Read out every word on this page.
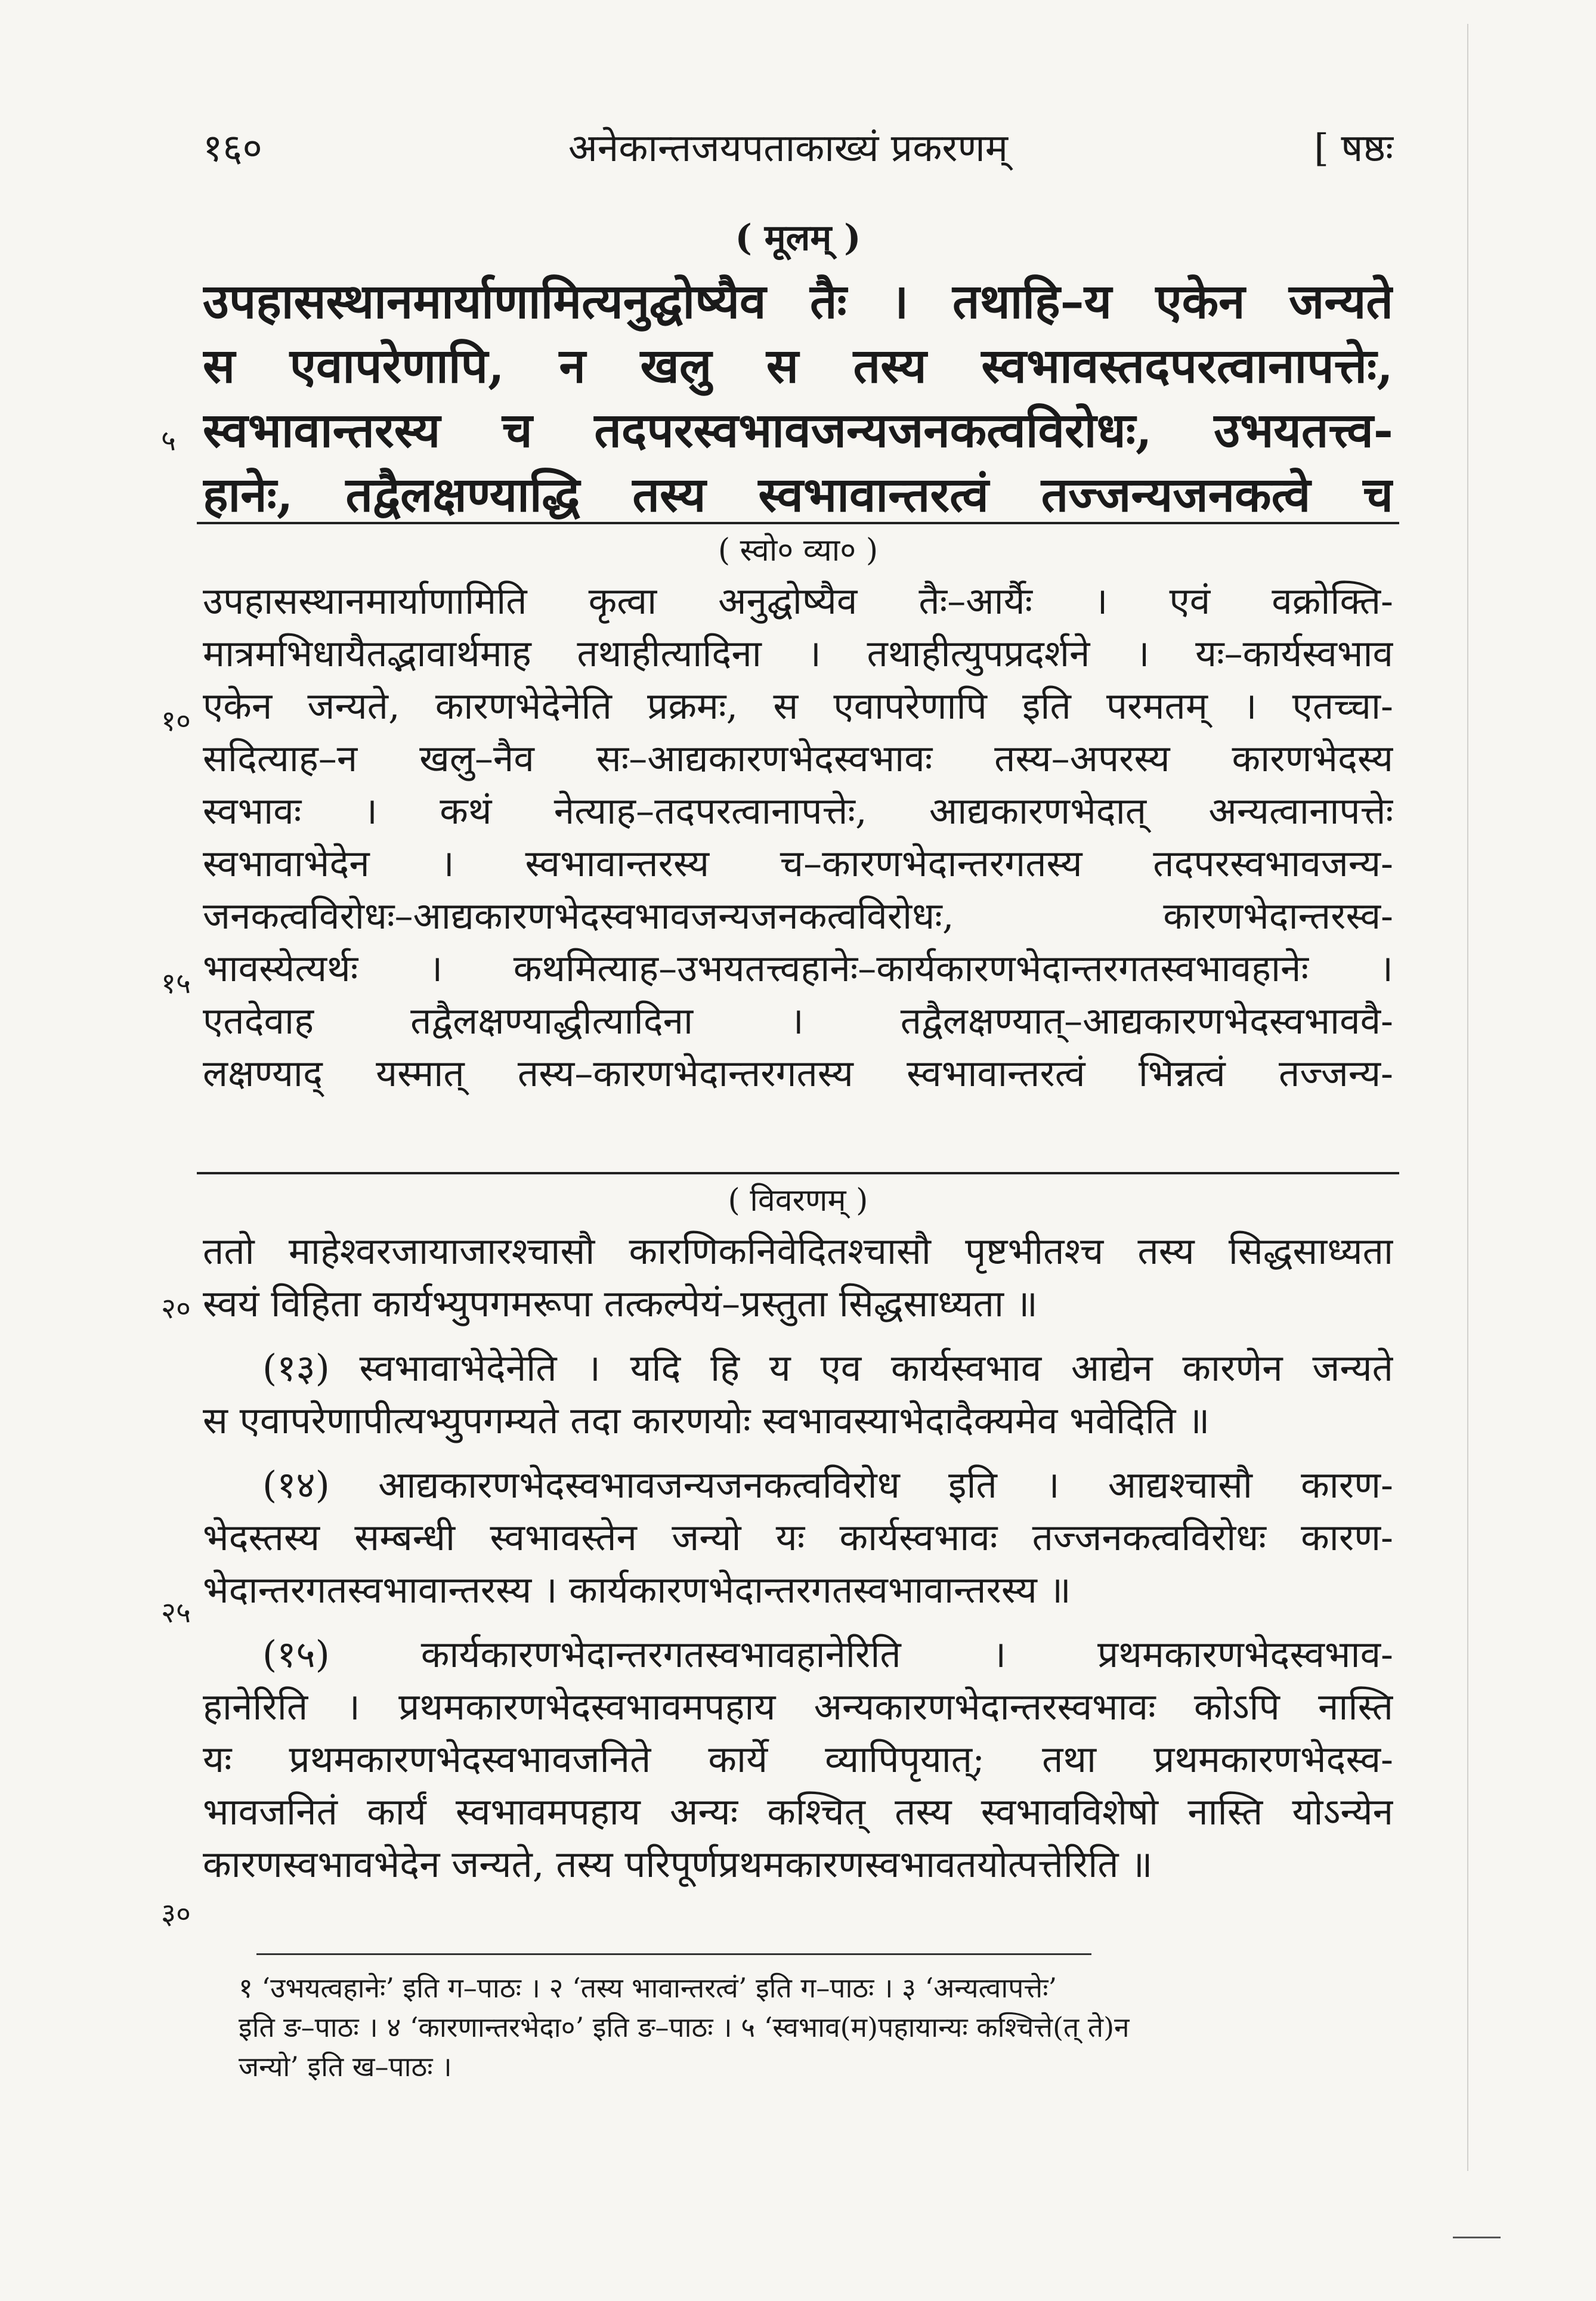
१६०	अनेकान्तजयपताकाख्यं प्रकरणम्	[ षष्ठः
( मूलम् )
उपहासस्थानमार्याणामित्यनुद्घोष्यैव तैः । तथाहि–य एकेन जन्यते
स एवापरेणापि, न खलु स तस्य स्वभावस्तदपरत्वानापत्तेः,
स्वभावान्तरस्य च तदपरस्वभावजन्यजनकत्वविरोधः, उभयतत्त्व-
हानेः, तद्वैलक्षण्याद्धि तस्य स्वभावान्तरत्वं तज्जन्यजनकत्वे च
५
( स्वो० व्या० )
उपहासस्थानमार्याणामिति कृत्वा अनुद्घोष्यैव तैः–आर्यैः । एवं वक्रोक्ति-
मात्रमभिधायैतद्भावार्थमाह तथाहीत्यादिना । तथाहीत्युपप्रदर्शने । यः–कार्यस्वभाव
एकेन जन्यते, कारणभेदेनेति प्रक्रमः, स एवापरेणापि इति परमतम् । एतच्चा-
सदित्याह–न खलु–नैव सः–आद्यकारणभेदस्वभावः तस्य–अपरस्य कारणभेदस्य
स्वभावः । कथं नेत्याह–तदपरत्वानापत्तेः, आद्यकारणभेदात् अन्यत्वानापत्तेः
स्वभावाभेदेन । स्वभावान्तरस्य च–कारणभेदान्तरगतस्य तदपरस्वभावजन्य-
जनकत्वविरोधः–आद्यकारणभेदस्वभावजन्यजनकत्वविरोधः, कारणभेदान्तरस्व-
भावस्येत्यर्थः । कथमित्याह–उभयतत्त्वहानेः–कार्यकारणभेदान्तरगतस्वभावहानेः ।
एतदेवाह तद्वैलक्षण्याद्धीत्यादिना । तद्वैलक्षण्यात्–आद्यकारणभेदस्वभाववै-
लक्षण्याद् यस्मात् तस्य–कारणभेदान्तरगतस्य स्वभावान्तरत्वं भिन्नत्वं तज्जन्य-
१०
१५
( विवरणम् )
ततो माहेश्वरजायाजारश्चासौ कारणिकनिवेदितश्चासौ पृष्टभीतश्च तस्य सिद्धसाध्यता
स्वयं विहिता कार्यभ्युपगमरूपा तत्कल्पेयं–प्रस्तुता सिद्धसाध्यता ॥
(१३) स्वभावाभेदेनेति । यदि हि य एव कार्यस्वभाव आद्येन कारणेन जन्यते
स एवापरेणापीत्यभ्युपगम्यते तदा कारणयोः स्वभावस्याभेदादैक्यमेव भवेदिति ॥
(१४) आद्यकारणभेदस्वभावजन्यजनकत्वविरोध इति । आद्यश्चासौ कारण-
भेदस्तस्य सम्बन्धी स्वभावस्तेन जन्यो यः कार्यस्वभावः तज्जनकत्वविरोधः कारण-
भेदान्तरगतस्वभावान्तरस्य । कार्यकारणभेदान्तरगतस्वभावान्तरस्य ॥
(१५) कार्यकारणभेदान्तरगतस्वभावहानेरिति । प्रथमकारणभेदस्वभाव-
हानेरिति । प्रथमकारणभेदस्वभावमपहाय अन्यकारणभेदान्तरस्वभावः कोऽपि नास्ति
यः प्रथमकारणभेदस्वभावजनिते कार्ये व्यापिपृयात्; तथा प्रथमकारणभेदस्व-
भावजनितं कार्यं स्वभावमपहाय अन्यः कश्चित् तस्य स्वभावविशेषो नास्ति योऽन्येन
कारणस्वभावभेदेन जन्यते, तस्य परिपूर्णप्रथमकारणस्वभावतयोत्पत्तेरिति ॥
२०
२५
३०
१ ‘उभयत्वहानेः’ इति ग–पाठः । २ ‘तस्य भावान्तरत्वं’ इति ग–पाठः । ३ ‘अन्यत्वापत्तेः’
इति ङ–पाठः । ४ ‘कारणान्तरभेदा०’ इति ङ–पाठः । ५ ‘स्वभाव(म)पहायान्यः कश्चित्ते(त् ते)न
जन्यो’ इति ख–पाठः ।
